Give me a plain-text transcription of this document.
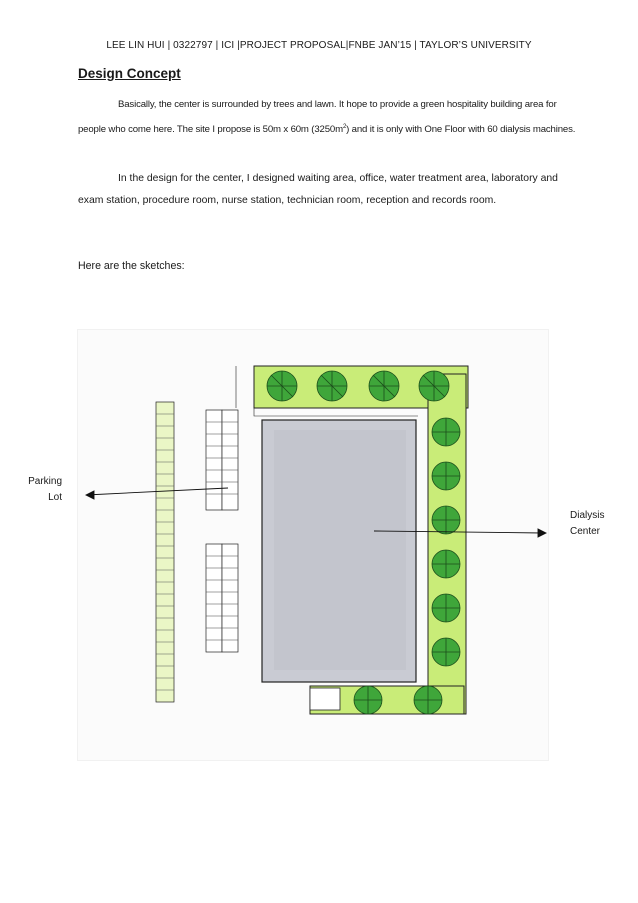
LEE LIN HUI | 0322797 | ICI |PROJECT PROPOSAL|FNBE JAN’15 | TAYLOR’S UNIVERSITY
Design Concept

Basically, the center is surrounded by trees and lawn. It hope to provide a green hospitality building area for people who come here. The site I propose is 50m x 60m $(3250m^2)$ and it is only with One Floor with 60 dialysis machines.

In the design for the center, I designed waiting area, office, water treatment area, laboratory and exam station, procedure room, nurse station, technician room, reception and records room.

Here are the sketches:

Parking
Lot
Dialysis
Center
